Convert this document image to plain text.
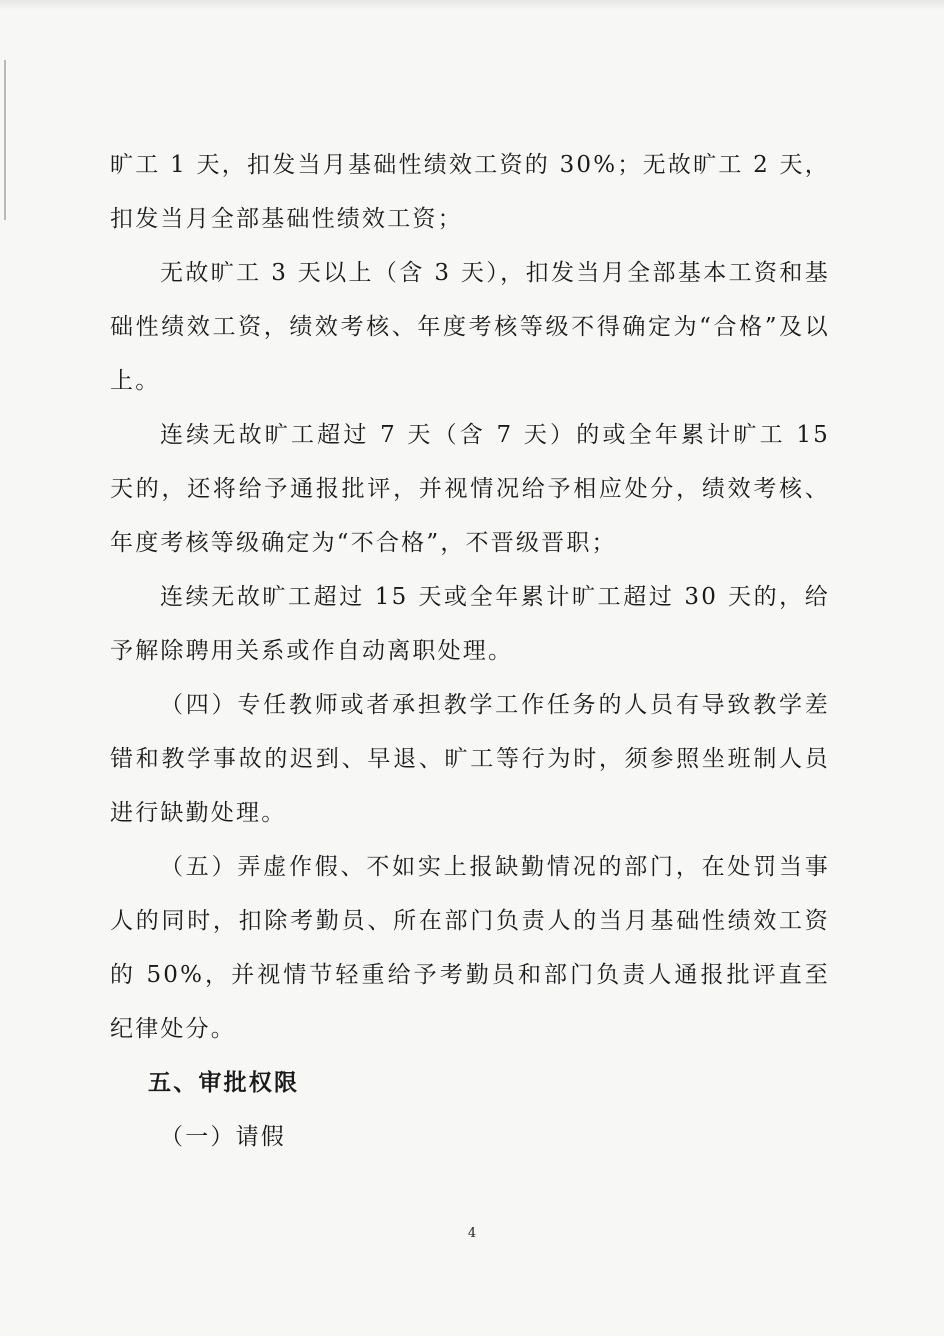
旷工 1 天，扣发当月基础性绩效工资的 30%；无故旷工 2 天，扣发当月全部基础性绩效工资；

无故旷工 3 天以上（含 3 天），扣发当月全部基本工资和基础性绩效工资，绩效考核、年度考核等级不得确定为“合格”及以上。

连续无故旷工超过 7 天（含 7 天）的或全年累计旷工 15 天的，还将给予通报批评，并视情况给予相应处分，绩效考核、年度考核等级确定为“不合格”，不晋级晋职；

连续无故旷工超过 15 天或全年累计旷工超过 30 天的，给予解除聘用关系或作自动离职处理。

（四）专任教师或者承担教学工作任务的人员有导致教学差错和教学事故的迟到、早退、旷工等行为时，须参照坐班制人员进行缺勤处理。

（五）弄虚作假、不如实上报缺勤情况的部门，在处罚当事人的同时，扣除考勤员、所在部门负责人的当月基础性绩效工资的 50%，并视情节轻重给予考勤员和部门负责人通报批评直至纪律处分。

五、审批权限

（一）请假

4
